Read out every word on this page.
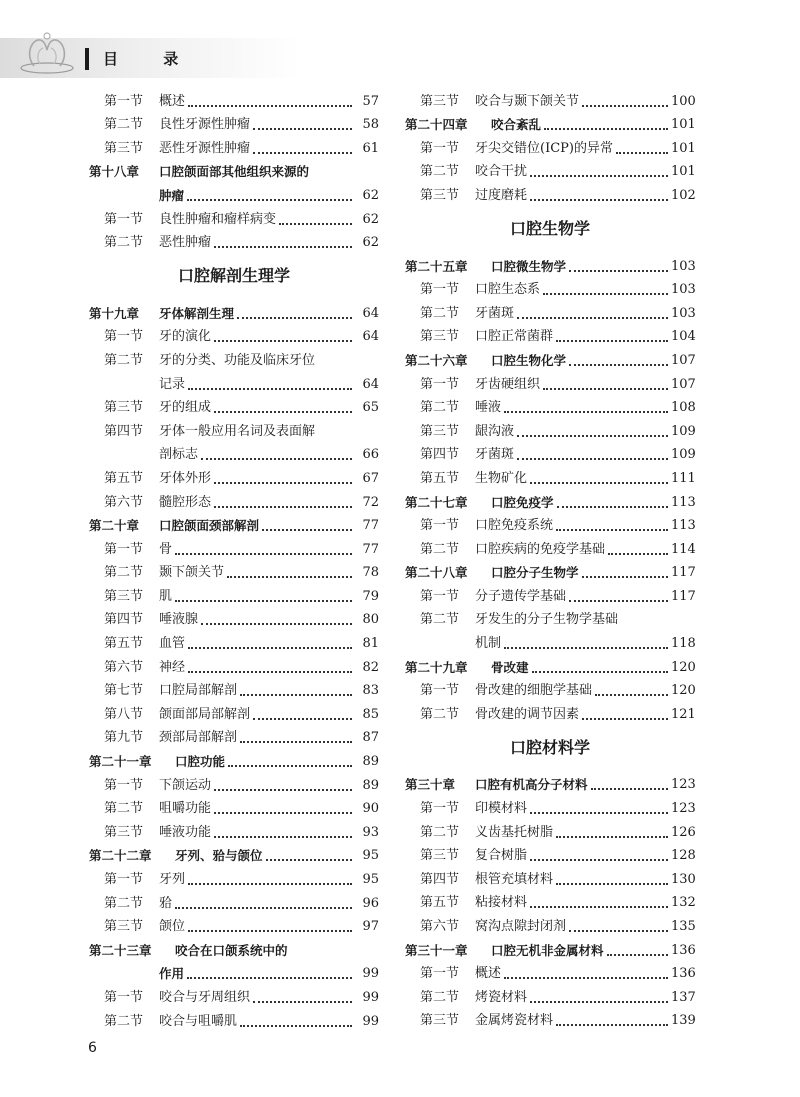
目 录
第一节	概述	57
第二节	良性牙源性肿瘤	58
第三节	恶性牙源性肿瘤	61
第十八章	口腔颌面部其他组织来源的
肿瘤	62
第一节	良性肿瘤和瘤样病变	62
第二节	恶性肿瘤	62
口腔解剖生理学
第十九章	牙体解剖生理	64
第一节	牙的演化	64
第二节	牙的分类、功能及临床牙位
记录	64
第三节	牙的组成	65
第四节	牙体一般应用名词及表面解
剖标志	66
第五节	牙体外形	67
第六节	髓腔形态	72
第二十章	口腔颌面颈部解剖	77
第一节	骨	77
第二节	颞下颌关节	78
第三节	肌	79
第四节	唾液腺	80
第五节	血管	81
第六节	神经	82
第七节	口腔局部解剖	83
第八节	颌面部局部解剖	85
第九节	颈部局部解剖	87
第二十一章	口腔功能	89
第一节	下颌运动	89
第二节	咀嚼功能	90
第三节	唾液功能	93
第二十二章	牙列、𬌗与颌位	95
第一节	牙列	95
第二节	𬌗	96
第三节	颌位	97
第二十三章	咬合在口颌系统中的
作用	99
第一节	咬合与牙周组织	99
第二节	咬合与咀嚼肌	99
第三节	咬合与颞下颌关节	100
第二十四章	咬合紊乱	101
第一节	牙尖交错位(ICP)的异常	101
第二节	咬合干扰	101
第三节	过度磨耗	102
口腔生物学
第二十五章	口腔微生物学	103
第一节	口腔生态系	103
第二节	牙菌斑	103
第三节	口腔正常菌群	104
第二十六章	口腔生物化学	107
第一节	牙齿硬组织	107
第二节	唾液	108
第三节	龈沟液	109
第四节	牙菌斑	109
第五节	生物矿化	111
第二十七章	口腔免疫学	113
第一节	口腔免疫系统	113
第二节	口腔疾病的免疫学基础	114
第二十八章	口腔分子生物学	117
第一节	分子遗传学基础	117
第二节	牙发生的分子生物学基础
机制	118
第二十九章	骨改建	120
第一节	骨改建的细胞学基础	120
第二节	骨改建的调节因素	121
口腔材料学
第三十章	口腔有机高分子材料	123
第一节	印模材料	123
第二节	义齿基托树脂	126
第三节	复合树脂	128
第四节	根管充填材料	130
第五节	粘接材料	132
第六节	窝沟点隙封闭剂	135
第三十一章	口腔无机非金属材料	136
第一节	概述	136
第二节	烤瓷材料	137
第三节	金属烤瓷材料	139
6
